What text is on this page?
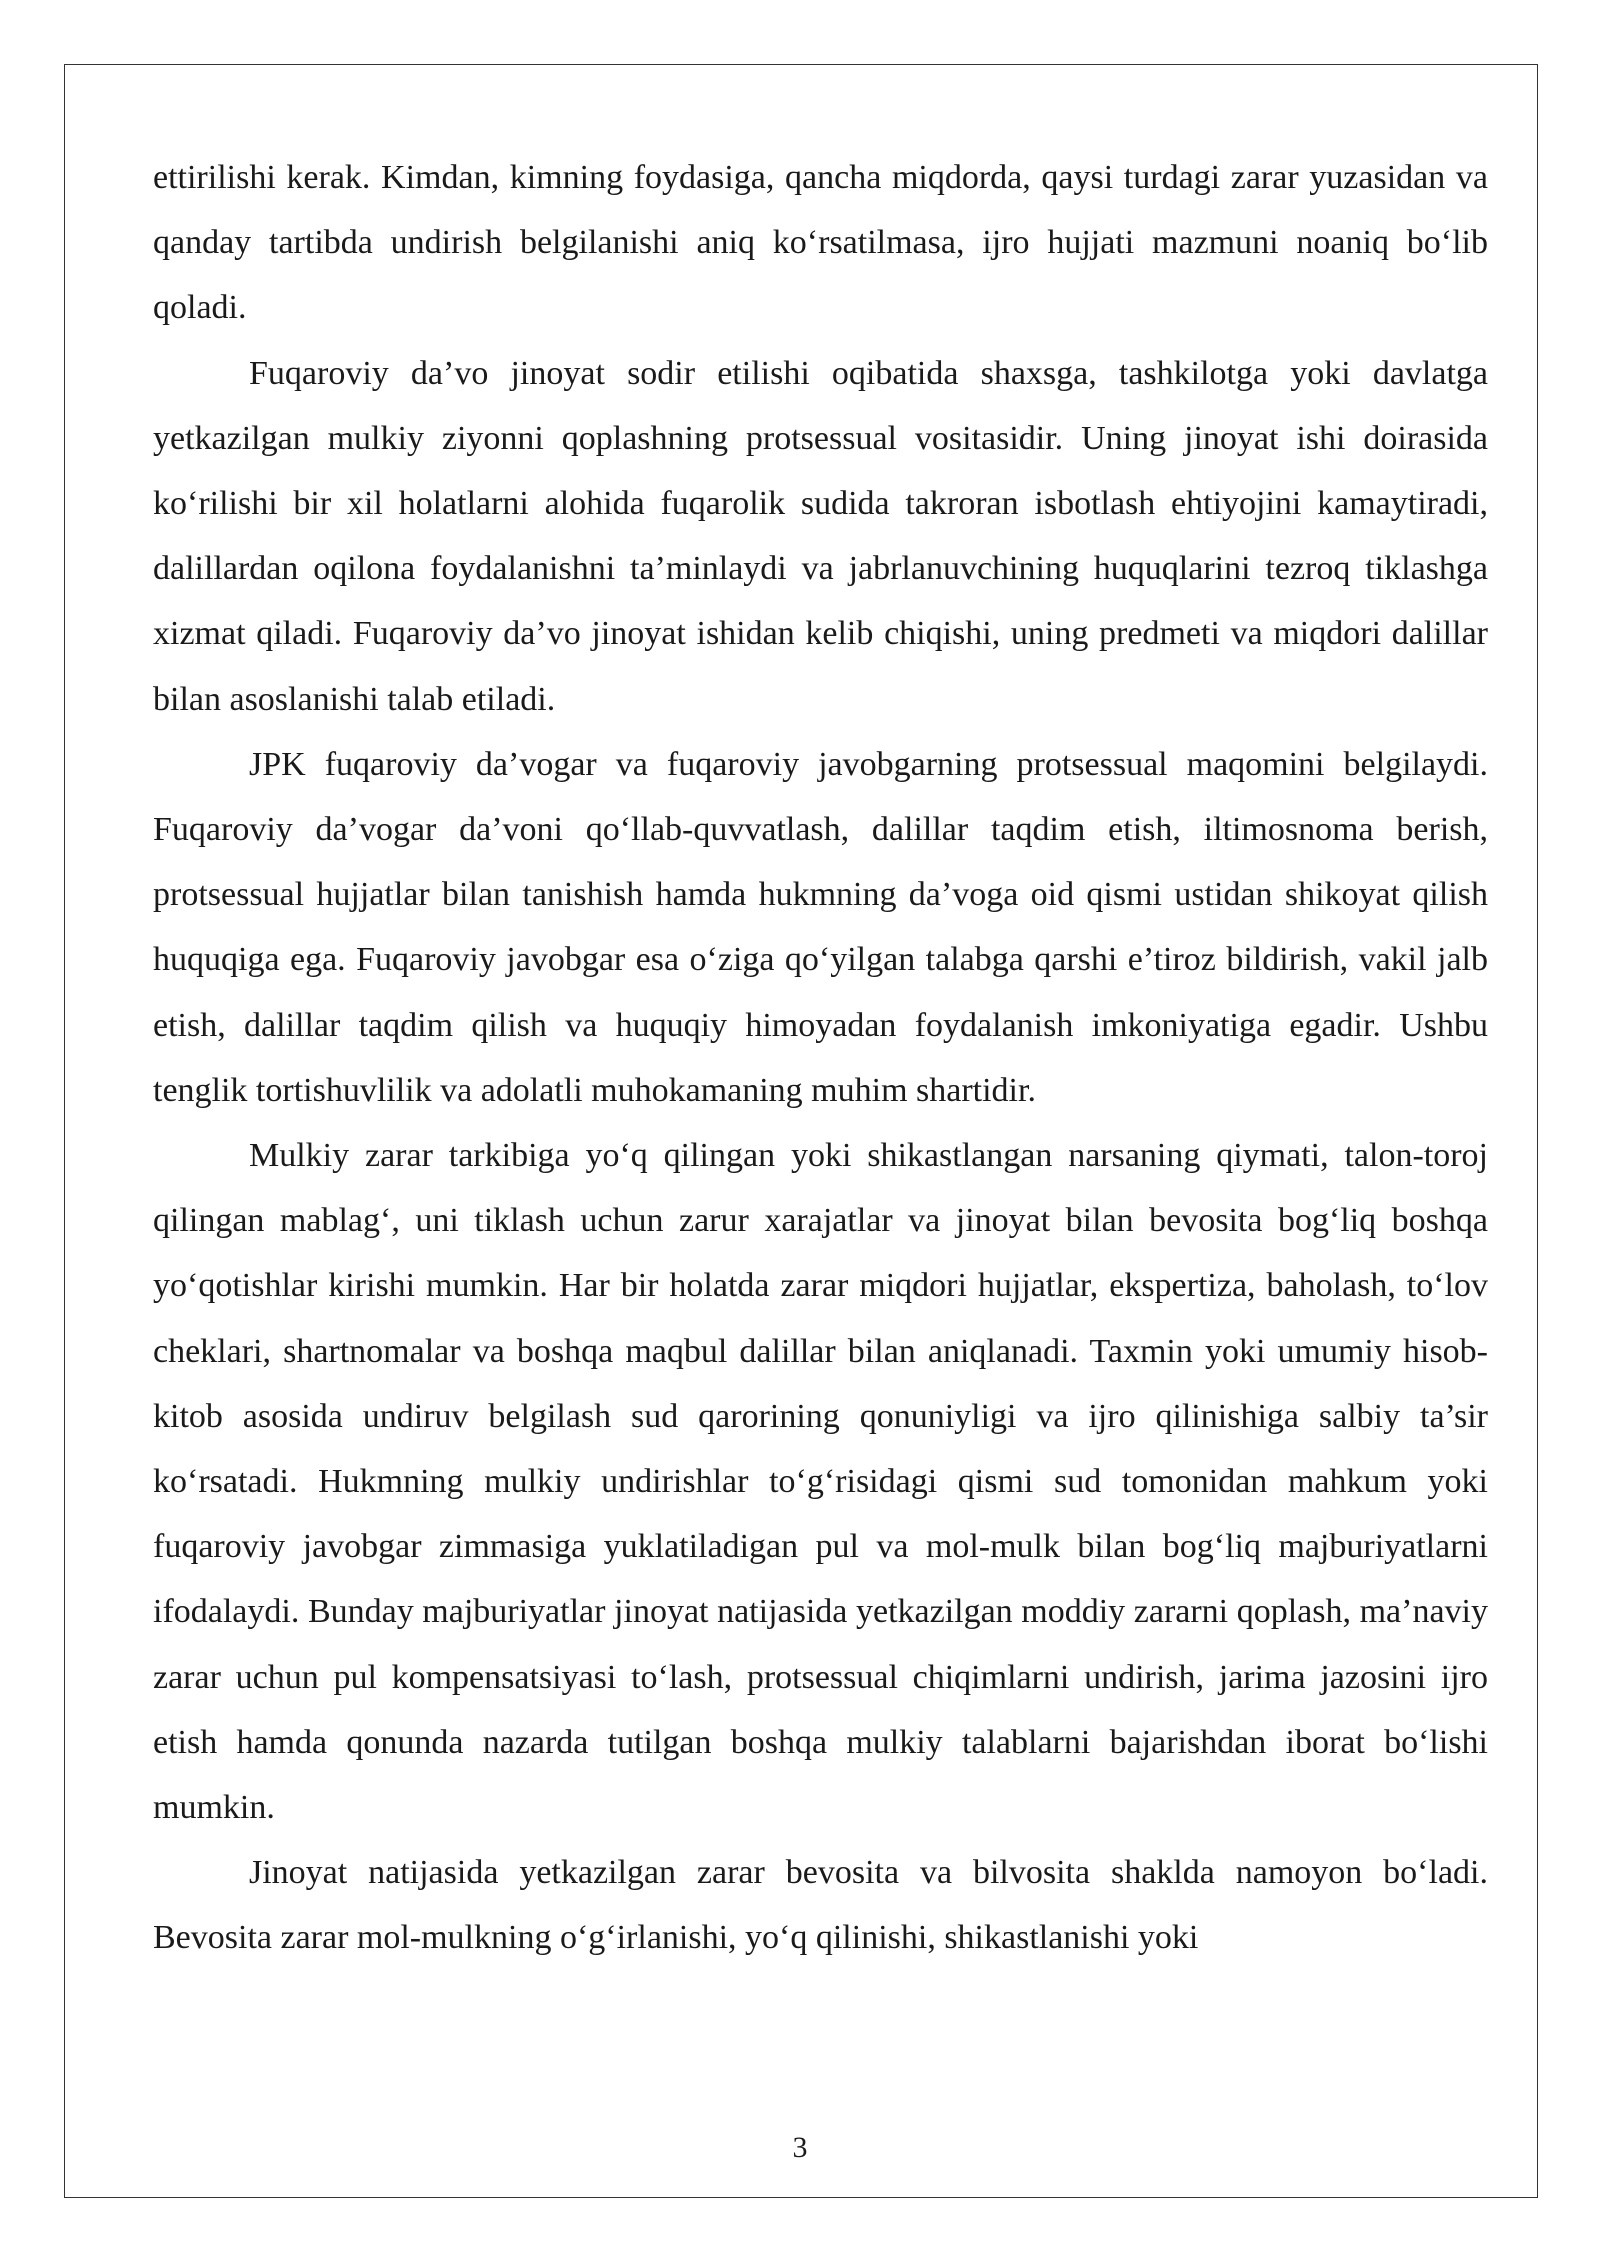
ettirilishi kerak. Kimdan, kimning foydasiga, qancha miqdorda, qaysi turdagi zarar yuzasidan va qanday tartibda undirish belgilanishi aniq ko‘rsatilmasa, ijro hujjati mazmuni noaniq bo‘lib qoladi.

Fuqaroviy da’vo jinoyat sodir etilishi oqibatida shaxsga, tashkilotga yoki davlatga yetkazilgan mulkiy ziyonni qoplashning protsessual vositasidir. Uning jinoyat ishi doirasida ko‘rilishi bir xil holatlarni alohida fuqarolik sudida takroran isbotlash ehtiyojini kamaytiradi, dalillardan oqilona foydalanishni ta’minlaydi va jabrlanuvchining huquqlarini tezroq tiklashga xizmat qiladi. Fuqaroviy da’vo jinoyat ishidan kelib chiqishi, uning predmeti va miqdori dalillar bilan asoslanishi talab etiladi.

JPK fuqaroviy da’vogar va fuqaroviy javobgarning protsessual maqomini belgilaydi. Fuqaroviy da’vogar da’voni qo‘llab-quvvatlash, dalillar taqdim etish, iltimosnoma berish, protsessual hujjatlar bilan tanishish hamda hukmning da’voga oid qismi ustidan shikoyat qilish huquqiga ega. Fuqaroviy javobgar esa o‘ziga qo‘yilgan talabga qarshi e’tiroz bildirish, vakil jalb etish, dalillar taqdim qilish va huquqiy himoyadan foydalanish imkoniyatiga egadir. Ushbu tenglik tortishuvlilik va adolatli muhokamaning muhim shartidir.

Mulkiy zarar tarkibiga yo‘q qilingan yoki shikastlangan narsaning qiymati, talon-toroj qilingan mablag‘, uni tiklash uchun zarur xarajatlar va jinoyat bilan bevosita bog‘liq boshqa yo‘qotishlar kirishi mumkin. Har bir holatda zarar miqdori hujjatlar, ekspertiza, baholash, to‘lov cheklari, shartnomalar va boshqa maqbul dalillar bilan aniqlanadi. Taxmin yoki umumiy hisob-kitob asosida undiruv belgilash sud qarorining qonuniyligi va ijro qilinishiga salbiy ta’sir ko‘rsatadi. Hukmning mulkiy undirishlar to‘g‘risidagi qismi sud tomonidan mahkum yoki fuqaroviy javobgar zimmasiga yuklatiladigan pul va mol-mulk bilan bog‘liq majburiyatlarni ifodalaydi. Bunday majburiyatlar jinoyat natijasida yetkazilgan moddiy zararni qoplash, ma’naviy zarar uchun pul kompensatsiyasi to‘lash, protsessual chiqimlarni undirish, jarima jazosini ijro etish hamda qonunda nazarda tutilgan boshqa mulkiy talablarni bajarishdan iborat bo‘lishi mumkin.

Jinoyat natijasida yetkazilgan zarar bevosita va bilvosita shaklda namoyon bo‘ladi. Bevosita zarar mol-mulkning o‘g‘irlanishi, yo‘q qilinishi, shikastlanishi yoki

3
